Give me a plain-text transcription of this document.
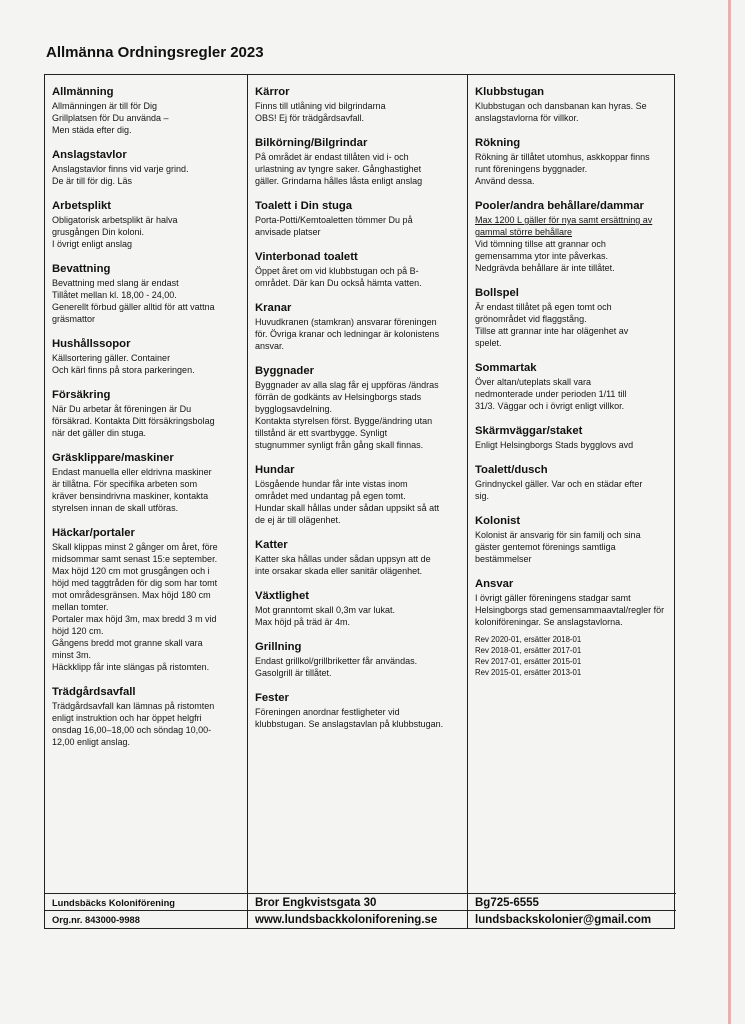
Allmänna Ordningsregler 2023
Allmänning
Allmänningen är till för Dig
Grillplatsen för Du använda –
Men städa efter dig.
Anslagstavlor
Anslagstavlor finns vid varje grind.
De är till för dig. Läs
Arbetsplikt
Obligatorisk arbetsplikt är halva
grusgången Din koloni.
I övrigt enligt anslag
Bevattning
Bevattning med slang är endast
Tillåtet mellan kl. 18,00 - 24,00.
Generellt förbud gäller alltid för att vattna
gräsmattor
Hushållssopor
Källsortering gäller. Container
Och kärl finns på stora parkeringen.
Försäkring
När Du arbetar åt föreningen är Du
försäkrad. Kontakta Ditt försäkringsbolag
när det gäller din stuga.
Gräsklippare/maskiner
Endast manuella eller eldrivna maskiner
är tillåtna. För specifika arbeten som
kräver bensindrivna maskiner, kontakta
styrelsen innan de skall utföras.
Häckar/portaler
Skall klippas minst 2 gånger om året, före
midsommar samt senast 15:e september.
Max höjd 120 cm mot grusgången och i
höjd med taggtråden för dig som har tomt
mot områdesgränsen. Max höjd 180 cm
mellan tomter.
Portaler max höjd 3m, max bredd 3 m vid
höjd 120 cm.
Gångens bredd mot granne skall vara
minst 3m.
Häckklipp får inte slängas på ristomten.
Trädgårdsavfall
Trädgårdsavfall kan lämnas på ristomten
enligt instruktion och har öppet helgfri
onsdag 16,00–18,00 och söndag 10,00-
12,00 enligt anslag.
Lundsbäcks Koloniförening
Org.nr. 843000-9988
Kärror
Finns till utlåning vid bilgrindarna
OBS! Ej för trädgårdsavfall.
Bilkörning/Bilgrindar
På området är endast tillåten vid i- och
urlastning av tyngre saker. Gånghastighet
gäller. Grindarna hålles låsta enligt anslag
Toalett i Din stuga
Porta-Potti/Kemtoaletten tömmer Du på
anvisade platser
Vinterbonad toalett
Öppet året om vid klubbstugan och på B-
området. Där kan Du också hämta vatten.
Kranar
Huvudkranen (stamkran) ansvarar föreningen
för. Övriga kranar och ledningar är kolonistens
ansvar.
Byggnader
Byggnader av alla slag får ej uppföras /ändras
förrän de godkänts av Helsingborgs stads
bygglogsavdelning.
Kontakta styrelsen först. Bygge/ändring utan
tillstånd är ett svartbygge. Synligt
stugnummer synligt från gång skall finnas.
Hundar
Lösgående hundar får inte vistas inom
området med undantag på egen tomt.
Hundar skall hållas under sådan uppsikt så att
de ej är till olägenhet.
Katter
Katter ska hållas under sådan uppsyn att de
inte orsakar skada eller sanitär olägenhet.
Växtlighet
Mot granntomt skall 0,3m var lukat.
Max höjd på träd är 4m.
Grillning
Endast grillkol/grillbriketter får användas.
Gasolgrill är tillåtet.
Fester
Föreningen anordnar festligheter vid
klubbstugan. Se anslagstavlan på klubbstugan.
Bror Engkvistsgata 30
www.lundsbackkoloniforening.se
Klubbstugan
Klubbstugan och dansbanan kan hyras. Se
anslagstavlorna för villkor.
Rökning
Rökning är tillåtet utomhus, askkoppar finns
runt föreningens byggnader.
Använd dessa.
Pooler/andra behållare/dammar
Max 1200 L gäller för nya samt ersättning av
gammal större behållare
Vid tömning tillse att grannar och
gemensamma ytor inte påverkas.
Nedgrävda behållare är inte tillåtet.
Bollspel
Är endast tillåtet på egen tomt och
grönområdet vid flaggstång.
Tillse att grannar inte har olägenhet av
spelet.
Sommartak
Över altan/uteplats skall vara
nedmonterade under perioden 1/11 till
31/3. Väggar och i övrigt enligt villkor.
Skärmväggar/staket
Enligt Helsingborgs Stads bygglovs avd
Toalett/dusch
Grindnyckel gäller. Var och en städar efter
sig.
Kolonist
Kolonist är ansvarig för sin familj och sina
gäster gentemot förenings samtliga
bestämmelser
Ansvar
I övrigt gäller föreningens stadgar samt
Helsingborgs stad gemensammaavtal/regler för
koloniföreningar. Se anslagstavlorna.
Rev 2020-01, ersätter 2018-01
Rev 2018-01, ersätter 2017-01
Rev 2017-01, ersätter 2015-01
Rev 2015-01, ersätter 2013-01
Bg725-6555
lundsbackskolonier@gmail.com
